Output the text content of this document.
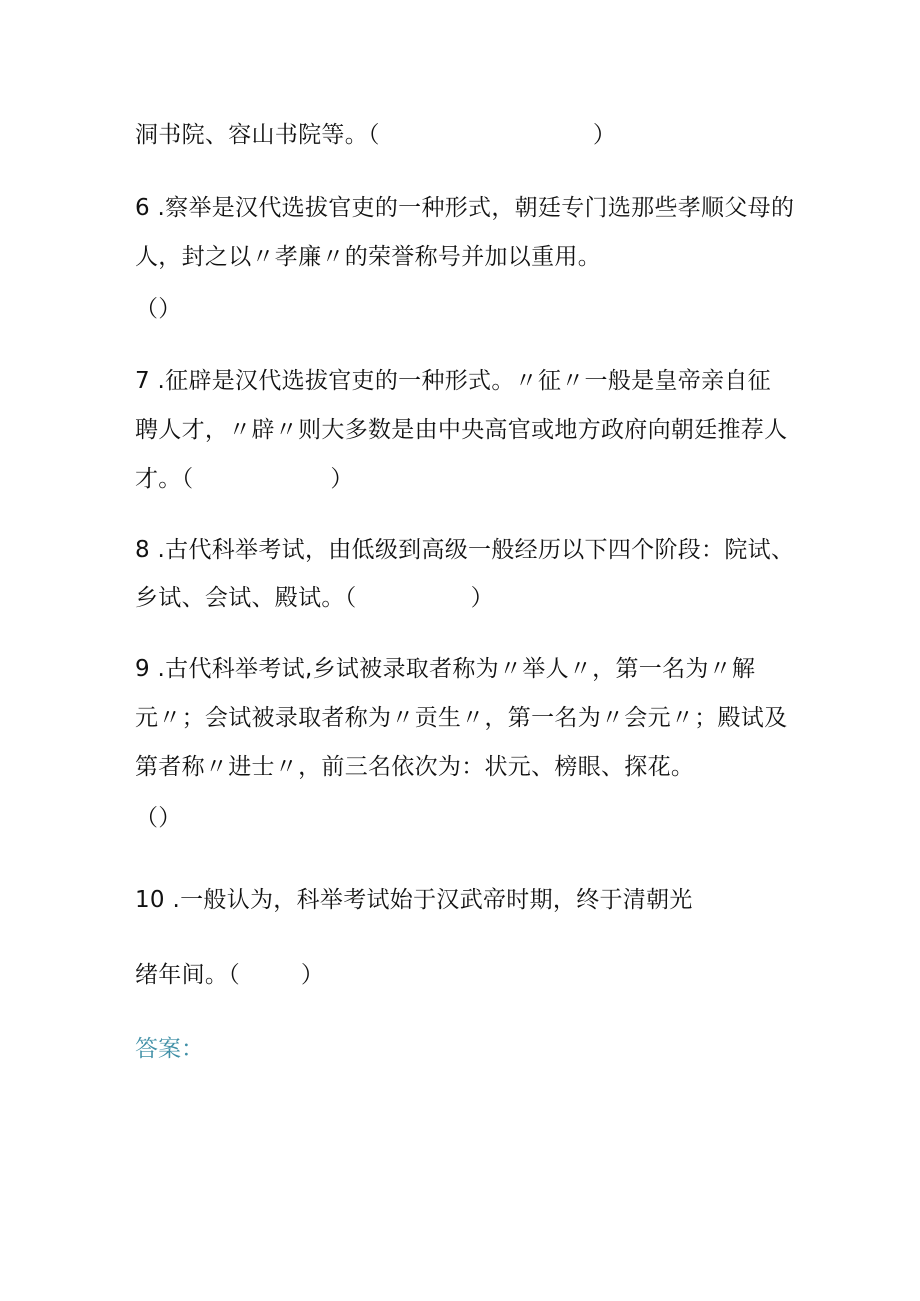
洞书院、容山书院等。（                            ）
6 .察举是汉代选拔官吏的一种形式，朝廷专门选那些孝顺父母的
人，封之以〃孝廉〃的荣誉称号并加以重用。
（）
7 .征辟是汉代选拔官吏的一种形式。〃征〃一般是皇帝亲自征
聘人才，〃辟〃则大多数是由中央高官或地方政府向朝廷推荐人
才。（                  ）
8 .古代科举考试，由低级到高级一般经历以下四个阶段：院试、
乡试、会试、殿试。（               ）
9 .古代科举考试,乡试被录取者称为〃举人〃，第一名为〃解
元〃；会试被录取者称为〃贡生〃，第一名为〃会元〃；殿试及
第者称〃进士〃，前三名依次为：状元、榜眼、探花。
（）
10 .一般认为，科举考试始于汉武帝时期，终于清朝光
绪年间。（        ）
答案：
